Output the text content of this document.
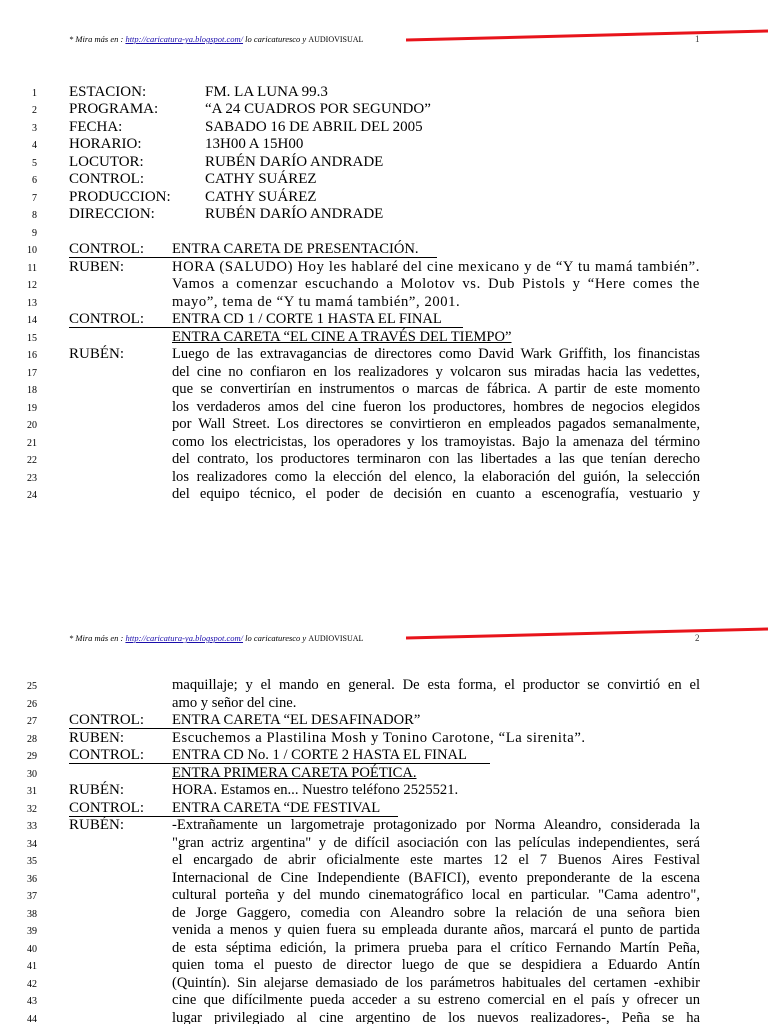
* Mira más en : http://caricatura-ya.blogspot.com/ lo caricaturesco y AUDIOVISUAL	1
1 ESTACION:	FM. LA LUNA 99.3
2 PROGRAMA:	“A 24 CUADROS POR SEGUNDO”
3 FECHA:	SABADO 16 DE ABRIL DEL 2005
4 HORARIO:	13H00 A 15H00
5 LOCUTOR:	RUBÉN DARÍO ANDRADE
6 CONTROL:	CATHY SUÁREZ
7 PRODUCCION: CATHY SUÁREZ
8 DIRECCION:	RUBÉN DARÍO ANDRADE
9
10 CONTROL: ENTRA CARETA DE PRESENTACIÓN.
11 RUBEN:	HORA (SALUDO) Hoy les hablaré del cine mexicano y de “Y tu mamá también”.
12	Vamos a comenzar escuchando a Molotov vs. Dub Pistols y “Here comes the
13	mayo”, tema de “Y tu mamá también”, 2001.
14 CONTROL: ENTRA CD 1 / CORTE 1 HASTA EL FINAL
15	ENTRA CARETA “EL CINE A TRAVÉS DEL TIEMPO”
16 RUBÉN:	Luego de las extravagancias de directores como David Wark Griffith, los financistas
17	del cine no confiaron en los realizadores y volcaron sus miradas hacia las vedettes,
18	que se convertirían en instrumentos o marcas de fábrica. A partir de este momento
19	los verdaderos amos del cine fueron los productores, hombres de negocios elegidos
20	por Wall Street. Los directores se convirtieron en empleados pagados semanalmente,
21	como los electricistas, los operadores y los tramoyistas. Bajo la amenaza del término
22	del contrato, los productores terminaron con las libertades a las que tenían derecho
23	los realizadores como la elección del elenco, la elaboración del guión, la selección
24	del equipo técnico, el poder de decisión en cuanto a escenografía, vestuario y
* Mira más en : http://caricatura-ya.blogspot.com/ lo caricaturesco y AUDIOVISUAL	2
25	maquillaje; y el mando en general. De esta forma, el productor se convirtió en el
26	amo y señor del cine.
27 CONTROL: ENTRA CARETA “EL DESAFINADOR”
28 RUBEN:	Escuchemos a Plastilina Mosh y Tonino Carotone, “La sirenita”.
29 CONTROL: ENTRA CD No. 1 / CORTE 2 HASTA EL FINAL
30	ENTRA PRIMERA CARETA POÉTICA.
31 RUBÉN:	HORA. Estamos en... Nuestro teléfono 2525521.
32 CONTROL: ENTRA CARETA “DE FESTIVAL
33 RUBÉN:	-Extrañamente un largometraje protagonizado por Norma Aleandro, considerada la
34	"gran actriz argentina" y de difícil asociación con las películas independientes, será
35	el encargado de abrir oficialmente este martes 12 el 7 Buenos Aires Festival
36	Internacional de Cine Independiente (BAFICI), evento preponderante de la escena
37	cultural porteña y del mundo cinematográfico local en particular. "Cama adentro",
38	de Jorge Gaggero, comedia con Aleandro sobre la relación de una señora bien
39	venida a menos y quien fuera su empleada durante años, marcará el punto de partida
40	de esta séptima edición, la primera prueba para el crítico Fernando Martín Peña,
41	quien toma el puesto de director luego de que se despidiera a Eduardo Antín
42	(Quintín). Sin alejarse demasiado de los parámetros habituales del certamen -exhibir
43	cine que difícilmente pueda acceder a su estreno comercial en el país y ofrecer un
44	lugar privilegiado al cine argentino de los nuevos realizadores-, Peña se ha
